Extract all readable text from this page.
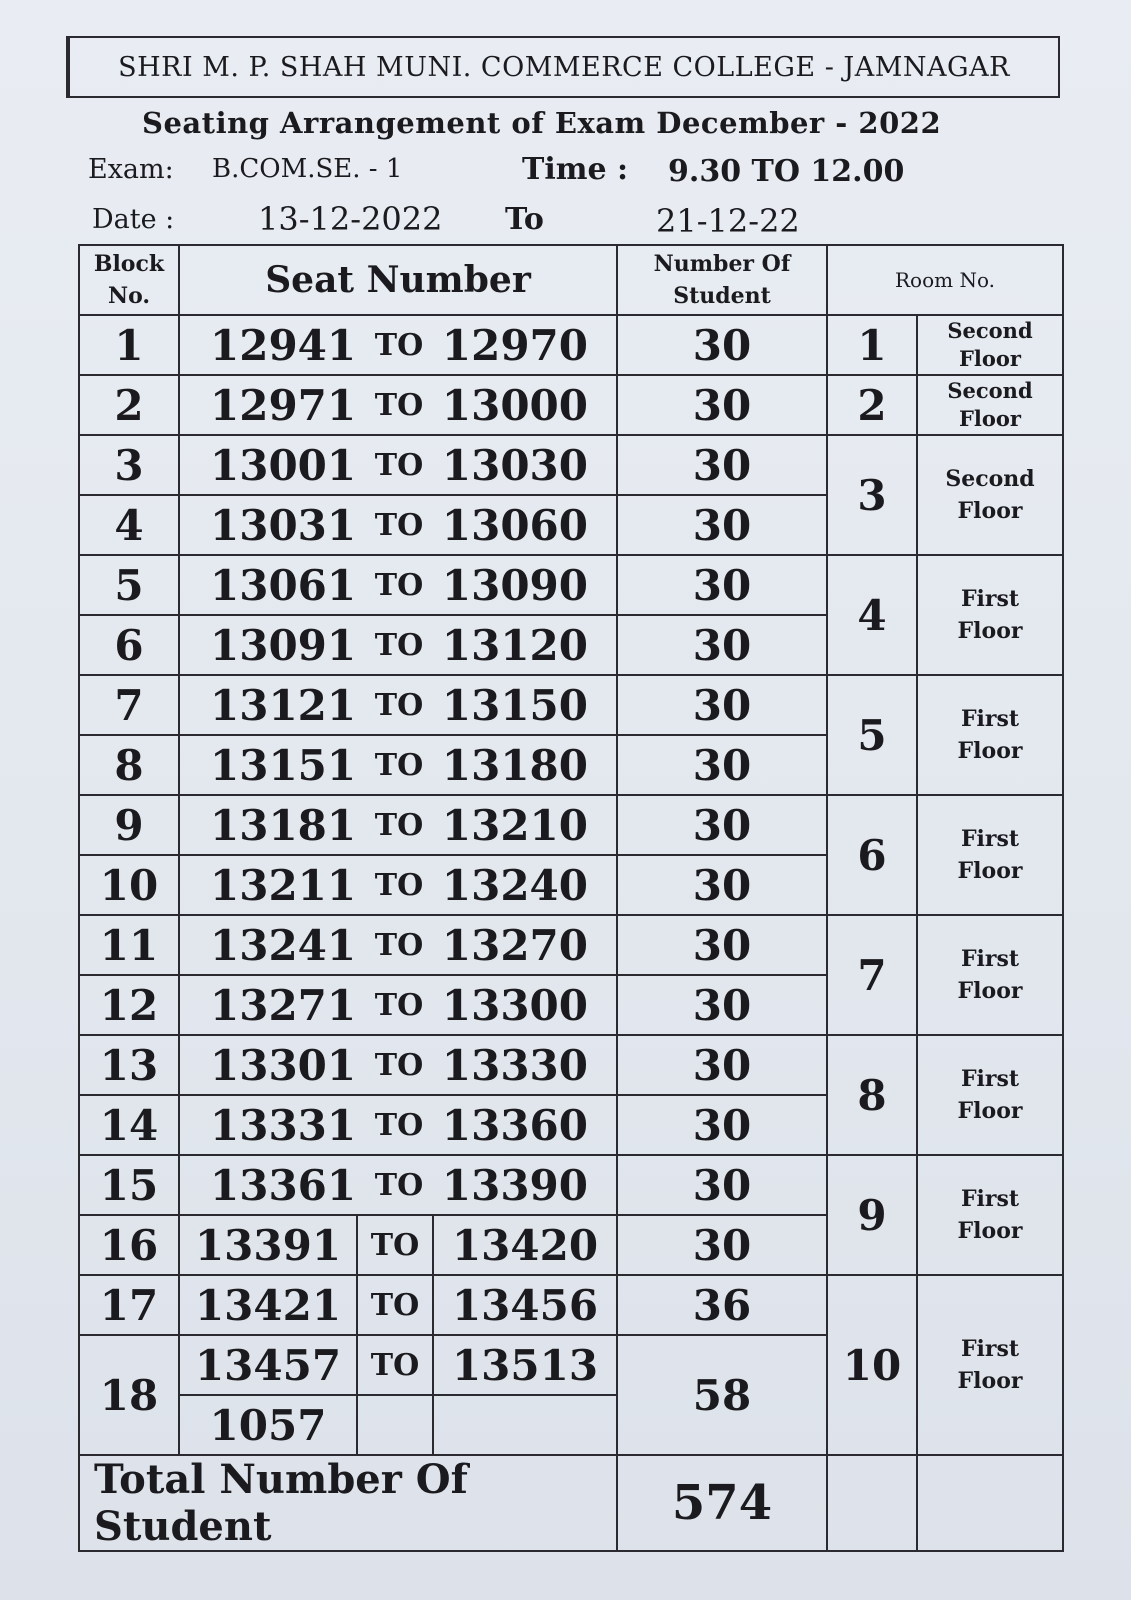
SHRI M. P. SHAH MUNI. COMMERCE COLLEGE - JAMNAGAR
Seating Arrangement of Exam December - 2022
Exam: B.COM.SE. - 1	Time : 9.30 TO 12.00
Date :	13-12-2022 To	21-12-22
Block No.	Seat Number			Number Of Student	Room No.	
1	12941 TO 12970			30	1	Second
Floor
2	12971 TO 13000			30	2	Second
Floor
3	13001 TO 13030			30	3	Second
Floor
4	13031 TO 13060			30		
5	13061 TO 13090			30	4	First
Floor
6	13091 TO 13120			30		
7	13121 TO 13150			30	5	First
Floor
8	13151 TO 13180			30		
9	13181 TO 13210			30	6	First
Floor
10	13211 TO 13240			30		
11	13241 TO 13270			30	7	First
Floor
12	13271 TO 13300			30		
13	13301 TO 13330			30	8	First
Floor
14	13331 TO 13360			30		
15	13361 TO 13390			30	9	First
Floor
16	13391	TO	13420	30		
17	13421	TO	13456	36	10	First
Floor
18	13457	TO	13513	58		
	1057					
Total Number Of Student				574		
